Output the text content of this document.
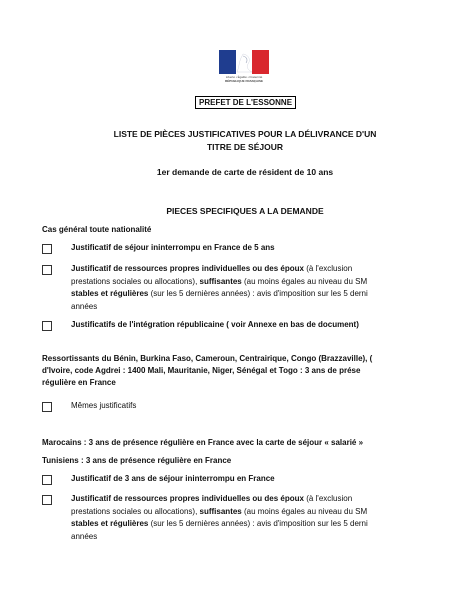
Liberté • Égalité • Fraternité
RÉPUBLIQUE FRANÇAISE
PREFET DE L'ESSONNE
LISTE DE PIÈCES JUSTIFICATIVES POUR LA DÉLIVRANCE D'UN
TITRE DE SÉJOUR
1er demande de carte de résident de 10 ans
PIECES SPECIFIQUES A LA DEMANDE
Cas général toute nationalité
Justificatif de séjour ininterrompu en France de 5 ans
Justificatif de ressources propres individuelles ou des époux (à l'exclusion
prestations sociales ou allocations), suffisantes (au moins égales au niveau du SM
stables et régulières (sur les 5 dernières années) : avis d'imposition sur les 5 derni
années
Justificatifs de l'intégration républicaine ( voir Annexe en bas de document)
Ressortissants du Bénin, Burkina Faso, Cameroun, Centrairique, Congo (Brazzaville), (
d'Ivoire, code Agdrei : 1400 Mali, Mauritanie, Niger, Sénégal et Togo : 3 ans de prése
régulière en France
Mêmes justificatifs
Marocains : 3 ans de présence régulière en France avec la carte de séjour « salarié »
Tunisiens : 3 ans de présence régulière en France
Justificatif de 3 ans de séjour ininterrompu en France
Justificatif de ressources propres individuelles ou des époux (à l'exclusion
prestations sociales ou allocations), suffisantes (au moins égales au niveau du SM
stables et régulières (sur les 5 dernières années) : avis d'imposition sur les 5 derni
années
